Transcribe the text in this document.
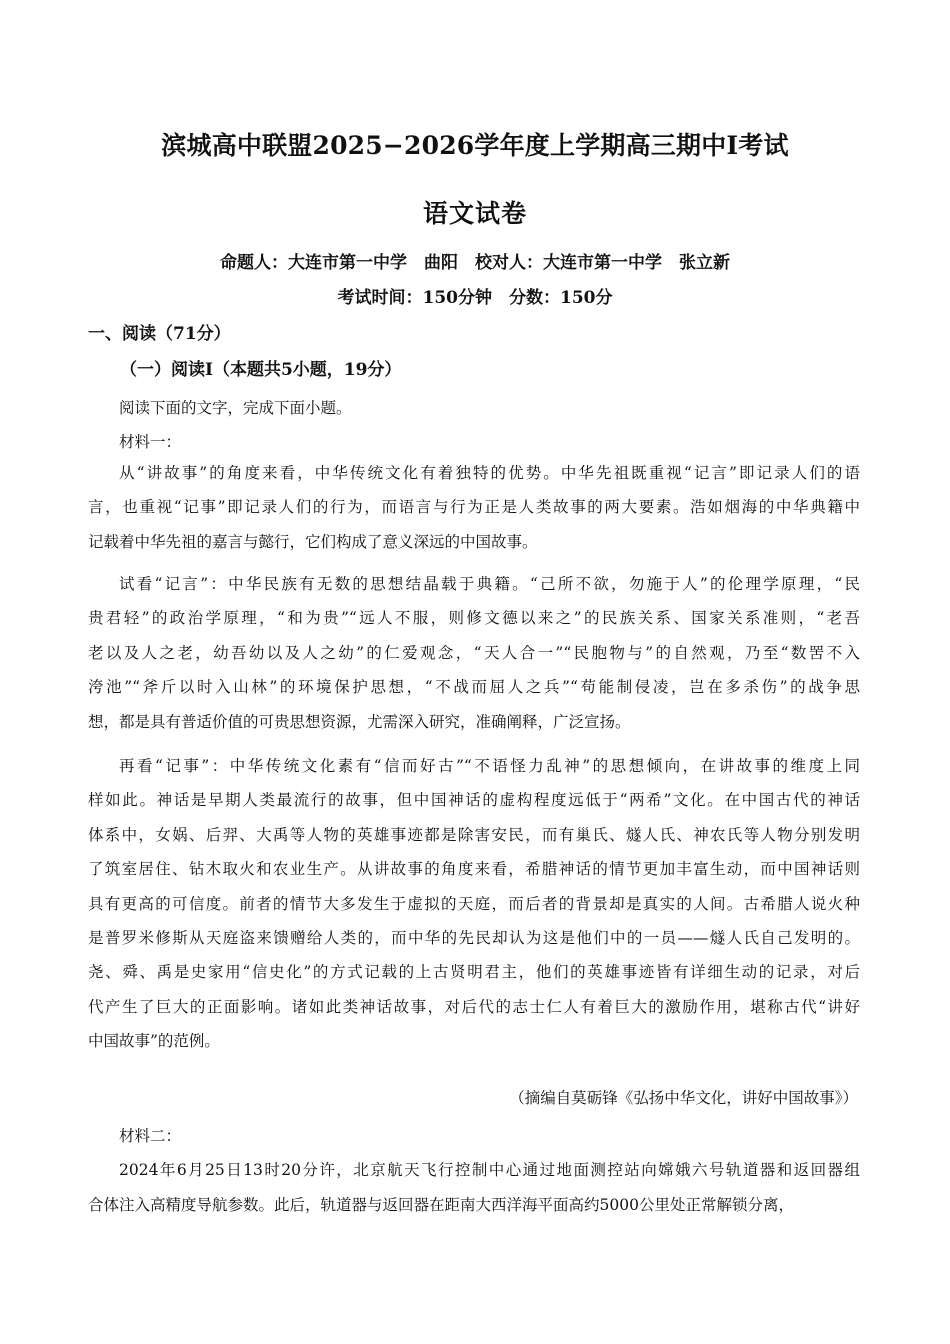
滨城高中联盟2025−2026学年度上学期高三期中Ⅰ考试
语文试卷
命题人：大连市第一中学　曲阳　校对人：大连市第一中学　张立新
考试时间：150分钟　分数：150分
一、阅读（71分）
（一）阅读Ⅰ（本题共5小题，19分）
阅读下面的文字，完成下面小题。
材料一：
从“讲故事”的角度来看，中华传统文化有着独特的优势。中华先祖既重视“记言”即记录人们的语
言，也重视“记事”即记录人们的行为，而语言与行为正是人类故事的两大要素。浩如烟海的中华典籍中
记载着中华先祖的嘉言与懿行，它们构成了意义深远的中国故事。
试看“记言”：中华民族有无数的思想结晶载于典籍。“己所不欲，勿施于人”的伦理学原理，“民
贵君轻”的政治学原理，“和为贵”“远人不服，则修文德以来之”的民族关系、国家关系准则，“老吾
老以及人之老，幼吾幼以及人之幼”的仁爱观念，“天人合一”“民胞物与”的自然观，乃至“数罟不入
洿池”“斧斤以时入山林”的环境保护思想，“不战而屈人之兵”“苟能制侵凌，岂在多杀伤”的战争思
想，都是具有普适价值的可贵思想资源，尤需深入研究，准确阐释，广泛宣扬。
再看“记事”：中华传统文化素有“信而好古”“不语怪力乱神”的思想倾向，在讲故事的维度上同
样如此。神话是早期人类最流行的故事，但中国神话的虚构程度远低于“两希”文化。在中国古代的神话
体系中，女娲、后羿、大禹等人物的英雄事迹都是除害安民，而有巢氏、燧人氏、神农氏等人物分别发明
了筑室居住、钻木取火和农业生产。从讲故事的角度来看，希腊神话的情节更加丰富生动，而中国神话则
具有更高的可信度。前者的情节大多发生于虚拟的天庭，而后者的背景却是真实的人间。古希腊人说火种
是普罗米修斯从天庭盗来馈赠给人类的，而中华的先民却认为这是他们中的一员——燧人氏自己发明的。
尧、舜、禹是史家用“信史化”的方式记载的上古贤明君主，他们的英雄事迹皆有详细生动的记录，对后
代产生了巨大的正面影响。诸如此类神话故事，对后代的志士仁人有着巨大的激励作用，堪称古代“讲好
中国故事”的范例。
（摘编自莫砺锋《弘扬中华文化，讲好中国故事》）
材料二：
2024年6月25日13时20分许，北京航天飞行控制中心通过地面测控站向嫦娥六号轨道器和返回器组
合体注入高精度导航参数。此后，轨道器与返回器在距南大西洋海平面高约5000公里处正常解锁分离，
